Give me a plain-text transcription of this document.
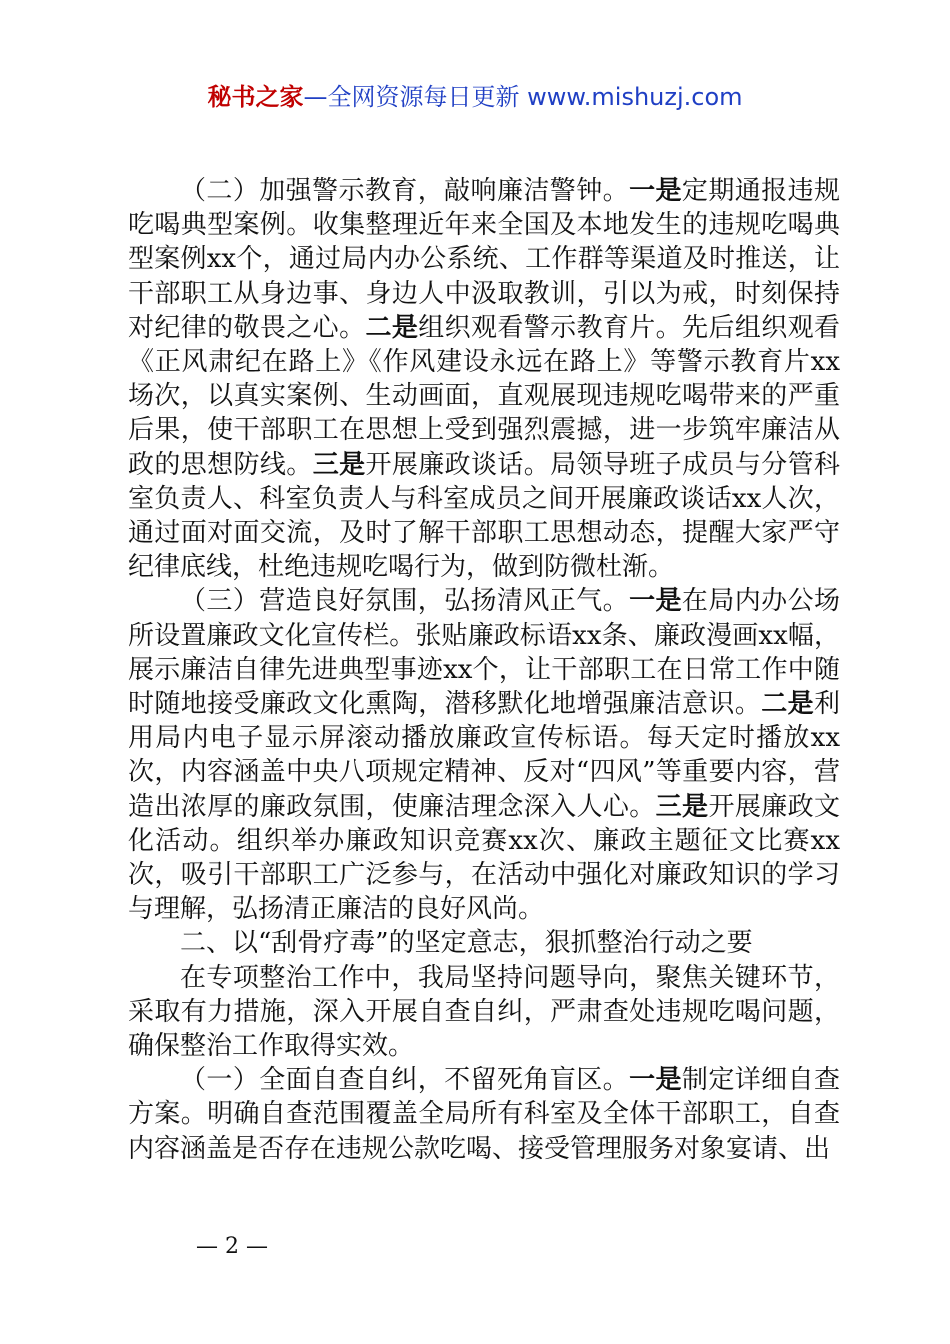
秘书之家—全网资源每日更新 www.mishuzj.com

（二）加强警示教育，敲响廉洁警钟。一是定期通报违规吃喝典型案例。收集整理近年来全国及本地发生的违规吃喝典型案例xx个，通过局内办公系统、工作群等渠道及时推送，让干部职工从身边事、身边人中汲取教训，引以为戒，时刻保持对纪律的敬畏之心。二是组织观看警示教育片。先后组织观看《正风肃纪在路上》《作风建设永远在路上》等警示教育片xx场次，以真实案例、生动画面，直观展现违规吃喝带来的严重后果，使干部职工在思想上受到强烈震撼，进一步筑牢廉洁从政的思想防线。三是开展廉政谈话。局领导班子成员与分管科室负责人、科室负责人与科室成员之间开展廉政谈话xx人次，通过面对面交流，及时了解干部职工思想动态，提醒大家严守纪律底线，杜绝违规吃喝行为，做到防微杜渐。

（三）营造良好氛围，弘扬清风正气。一是在局内办公场所设置廉政文化宣传栏。张贴廉政标语xx条、廉政漫画xx幅，展示廉洁自律先进典型事迹xx个，让干部职工在日常工作中随时随地接受廉政文化熏陶，潜移默化地增强廉洁意识。二是利用局内电子显示屏滚动播放廉政宣传标语。每天定时播放xx次，内容涵盖中央八项规定精神、反对“四风”等重要内容，营造出浓厚的廉政氛围，使廉洁理念深入人心。三是开展廉政文化活动。组织举办廉政知识竞赛xx次、廉政主题征文比赛xx次，吸引干部职工广泛参与，在活动中强化对廉政知识的学习与理解，弘扬清正廉洁的良好风尚。

二、以“刮骨疗毒”的坚定意志，狠抓整治行动之要

在专项整治工作中，我局坚持问题导向，聚焦关键环节，采取有力措施，深入开展自查自纠，严肃查处违规吃喝问题，确保整治工作取得实效。

（一）全面自查自纠，不留死角盲区。一是制定详细自查方案。明确自查范围覆盖全局所有科室及全体干部职工，自查内容涵盖是否存在违规公款吃喝、接受管理服务对象宴请、出

— 2 —
